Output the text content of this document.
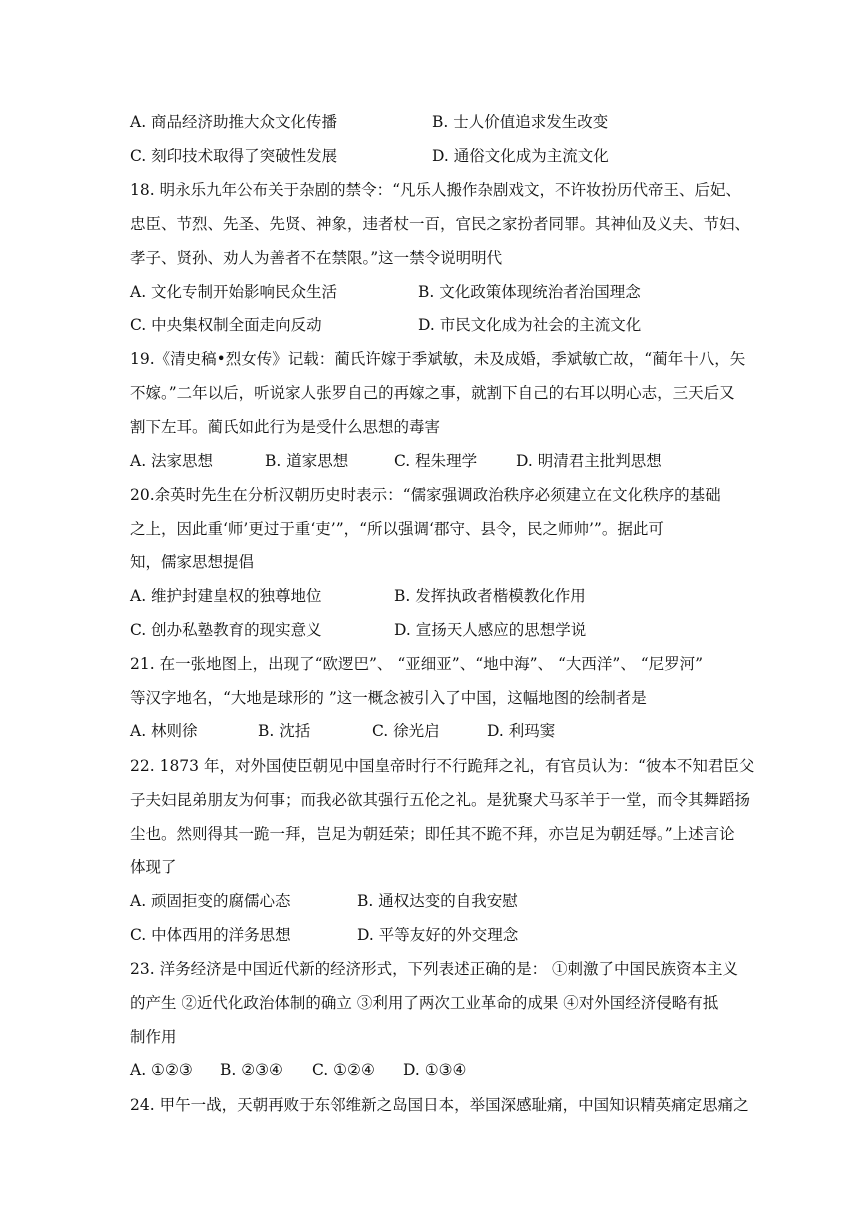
A. 商品经济助推大众文化传播	B. 士人价值追求发生改变
C. 刻印技术取得了突破性发展	D. 通俗文化成为主流文化
18. 明永乐九年公布关于杂剧的禁令：“凡乐人搬作杂剧戏文，不许妆扮历代帝王、后妃、
忠臣、节烈、先圣、先贤、神象，违者杖一百，官民之家扮者同罪。其神仙及义夫、节妇、
孝子、贤孙、劝人为善者不在禁限。”这一禁令说明明代
A. 文化专制开始影响民众生活	B. 文化政策体现统治者治国理念
C. 中央集权制全面走向反动	D. 市民文化成为社会的主流文化
19.《清史稿•烈女传》记载：蔺氏许嫁于季斌敏，未及成婚，季斌敏亡故，“蔺年十八，矢
不嫁。”二年以后，听说家人张罗自己的再嫁之事，就割下自己的右耳以明心志，三天后又
割下左耳。蔺氏如此行为是受什么思想的毒害
A. 法家思想	B. 道家思想	C. 程朱理学	D. 明清君主批判思想
20.余英时先生在分析汉朝历史时表示：“儒家强调政治秩序必须建立在文化秩序的基础
之上，因此重‘师’更过于重‘吏’”，“所以强调‘郡守、县令，民之师帅’”。据此可
知，儒家思想提倡
A. 维护封建皇权的独尊地位	B. 发挥执政者楷模教化作用
C. 创办私塾教育的现实意义	D. 宣扬天人感应的思想学说
21. 在一张地图上，出现了“欧逻巴”、 “亚细亚”、“地中海”、 “大西洋”、 “尼罗河”
等汉字地名，“大地是球形的 ”这一概念被引入了中国，这幅地图的绘制者是
A. 林则徐	B. 沈括	C. 徐光启	D. 利玛窦
22. 1873 年，对外国使臣朝见中国皇帝时行不行跪拜之礼，有官员认为：“彼本不知君臣父
子夫妇昆弟朋友为何事；而我必欲其强行五伦之礼。是犹聚犬马豕羊于一堂，而令其舞蹈扬
尘也。然则得其一跪一拜，岂足为朝廷荣；即任其不跪不拜，亦岂足为朝廷辱。”上述言论
体现了
A. 顽固拒变的腐儒心态	B. 通权达变的自我安慰
C. 中体西用的洋务思想	D. 平等友好的外交理念
23. 洋务经济是中国近代新的经济形式，下列表述正确的是： ①刺激了中国民族资本主义
的产生 ②近代化政治体制的确立 ③利用了两次工业革命的成果 ④对外国经济侵略有抵
制作用
A. ①②③ B. ②③④ C. ①②④ D. ①③④
24. 甲午一战，天朝再败于东邻维新之岛国日本，举国深感耻痛，中国知识精英痛定思痛之
